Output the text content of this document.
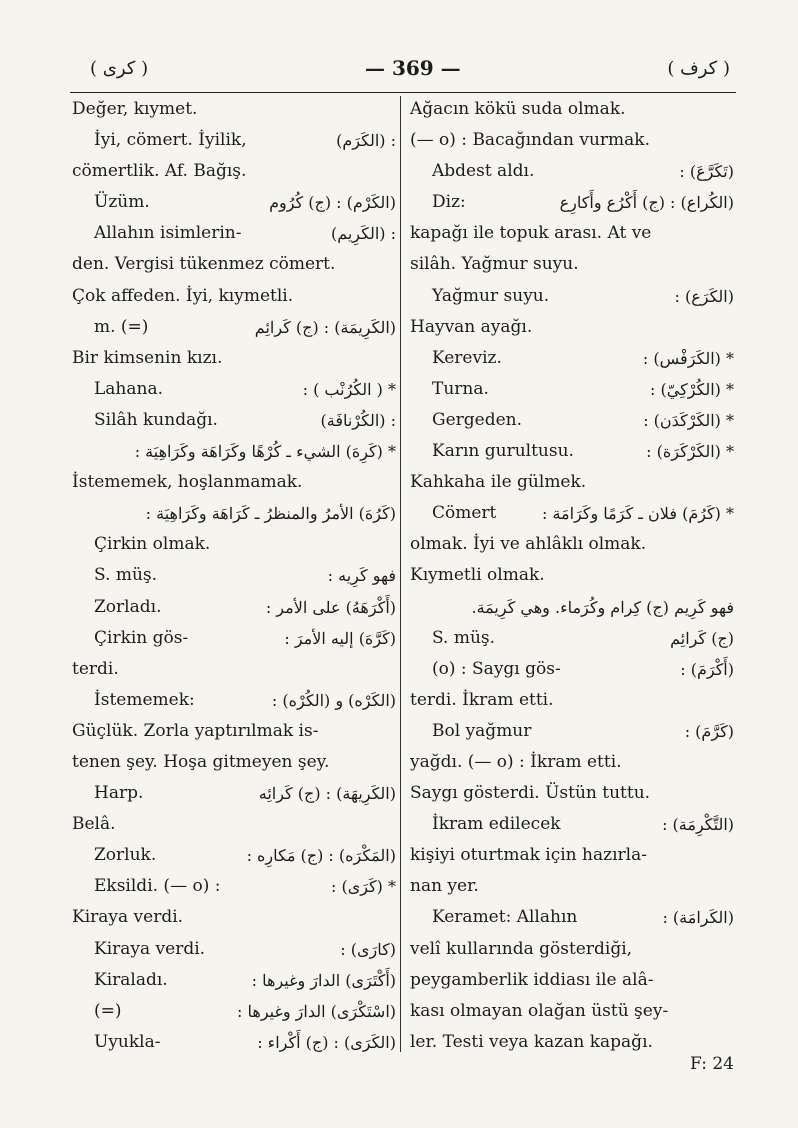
( كرى )	— 369 —	( كرف )
Değer, kıymet.
İyi, cömert. İyilik,	: (الكَرَم)
cömertlik. Af. Bağış.
Üzüm.	(الكَرْم) : (ج) كُرُوم
Allahın isimlerin-	: (الكَرِيم)
den. Vergisi tükenmez cömert.
Çok affeden. İyi, kıymetli.
m. (=)	(الكَرِيمَة) : (ج) كَرائِم
Bir kimsenin kızı.
Lahana.	* ( الكُرُنْب ) :
Silâh kundağı.	: (الكُرْنافَة)
* (كَرِهَ) الشيء ـ كُرْهًا وكَرَاهَة وكَرَاهِيَة :
İstememek, hoşlanmamak.
(كَرُهَ) الأمرُ والمنظرُ ـ كَرَاهَة وكَرَاهِيَة :
Çirkin olmak.
S. müş.	فهو كَرِيه :
Zorladı.	(أَكْرَهَهُ) على الأمر :
Çirkin gös-	(كَرَّهَ) إليه الأمرَ :
terdi.
İstememek:	(الكَرْه) و (الكُرْه) :
Güçlük. Zorla yaptırılmak is-
tenen şey. Hoşa gitmeyen şey.
Harp.	(الكَرِيهَة) : (ج) كَرائِه
Belâ.
Zorluk.	(المَكْرَه) : (ج) مَكارِه :
Eksildi. (— o) :	* (كَرَى) :
Kiraya verdi.
Kiraya verdi.	(كارَى) :
Kiraladı.	(أَكْتَرَى) الدارَ وغيرها :
(=)	(اسْتَكْرَى) الدارَ وغيرها :
Uyukla-	(الكَرَى) : (ج) أَكْراء :
Ağacın kökü suda olmak.
(— o) : Bacağından vurmak.
Abdest aldı.	(تَكَرَّعَ) :
Diz:	(الكُراع) : (ج) أَكْرُع وأَكارِع
kapağı ile topuk arası. At ve
silâh. Yağmur suyu.
Yağmur suyu.	(الكَرَع) :
Hayvan ayağı.
Kereviz.	* (الكَرَفْس) :
Turna.	* (الكُرْكِيّ) :
Gergeden.	* (الكَرْكَدَن) :
Karın gurultusu.	* (الكَرْكَرَة) :
Kahkaha ile gülmek.
Cömert	* (كَرُمَ) فلان ـ كَرَمًا وكَرَامَة :
olmak. İyi ve ahlâklı olmak.
Kıymetli olmak.
فهو كَرِيم (ج) كِرام وكُرَماء. وهي كَرِيمَة.
S. müş.	(ج) كَرائِم
(o) : Saygı gös-	(أَكْرَمَ) :
terdi. İkram etti.
Bol yağmur	(كَرَّمَ) :
yağdı. (— o) : İkram etti.
Saygı gösterdi. Üstün tuttu.
İkram edilecek	(التَّكْرِمَة) :
kişiyi oturtmak için hazırla-
nan yer.
Keramet: Allahın	(الكَرامَة) :
velî kullarında gösterdiği,
peygamberlik iddiası ile alâ-
kası olmayan olağan üstü şey-
ler. Testi veya kazan kapağı.
F: 24
